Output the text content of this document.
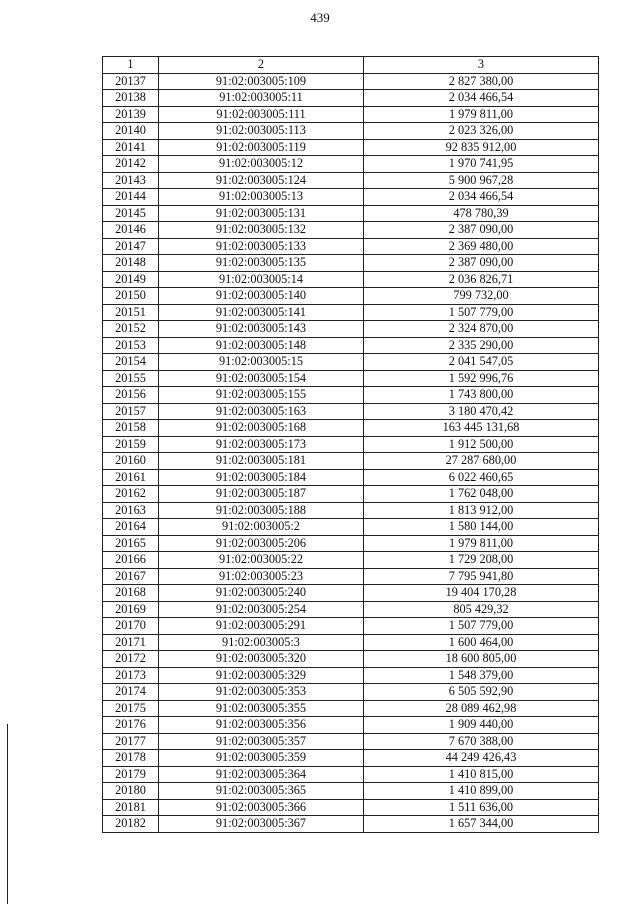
439
1	2	3
20137	91:02:003005:109	2 827 380,00
20138	91:02:003005:11	2 034 466,54
20139	91:02:003005:111	1 979 811,00
20140	91:02:003005:113	2 023 326,00
20141	91:02:003005:119	92 835 912,00
20142	91:02:003005:12	1 970 741,95
20143	91:02:003005:124	5 900 967,28
20144	91:02:003005:13	2 034 466,54
20145	91:02:003005:131	478 780,39
20146	91:02:003005:132	2 387 090,00
20147	91:02:003005:133	2 369 480,00
20148	91:02:003005:135	2 387 090,00
20149	91:02:003005:14	2 036 826,71
20150	91:02:003005:140	799 732,00
20151	91:02:003005:141	1 507 779,00
20152	91:02:003005:143	2 324 870,00
20153	91:02:003005:148	2 335 290,00
20154	91:02:003005:15	2 041 547,05
20155	91:02:003005:154	1 592 996,76
20156	91:02:003005:155	1 743 800,00
20157	91:02:003005:163	3 180 470,42
20158	91:02:003005:168	163 445 131,68
20159	91:02:003005:173	1 912 500,00
20160	91:02:003005:181	27 287 680,00
20161	91:02:003005:184	6 022 460,65
20162	91:02:003005:187	1 762 048,00
20163	91:02:003005:188	1 813 912,00
20164	91:02:003005:2	1 580 144,00
20165	91:02:003005:206	1 979 811,00
20166	91:02:003005:22	1 729 208,00
20167	91:02:003005:23	7 795 941,80
20168	91:02:003005:240	19 404 170,28
20169	91:02:003005:254	805 429,32
20170	91:02:003005:291	1 507 779,00
20171	91:02:003005:3	1 600 464,00
20172	91:02:003005:320	18 600 805,00
20173	91:02:003005:329	1 548 379,00
20174	91:02:003005:353	6 505 592,90
20175	91:02:003005:355	28 089 462,98
20176	91:02:003005:356	1 909 440,00
20177	91:02:003005:357	7 670 388,00
20178	91:02:003005:359	44 249 426,43
20179	91:02:003005:364	1 410 815,00
20180	91:02:003005:365	1 410 899,00
20181	91:02:003005:366	1 511 636,00
20182	91:02:003005:367	1 657 344,00
